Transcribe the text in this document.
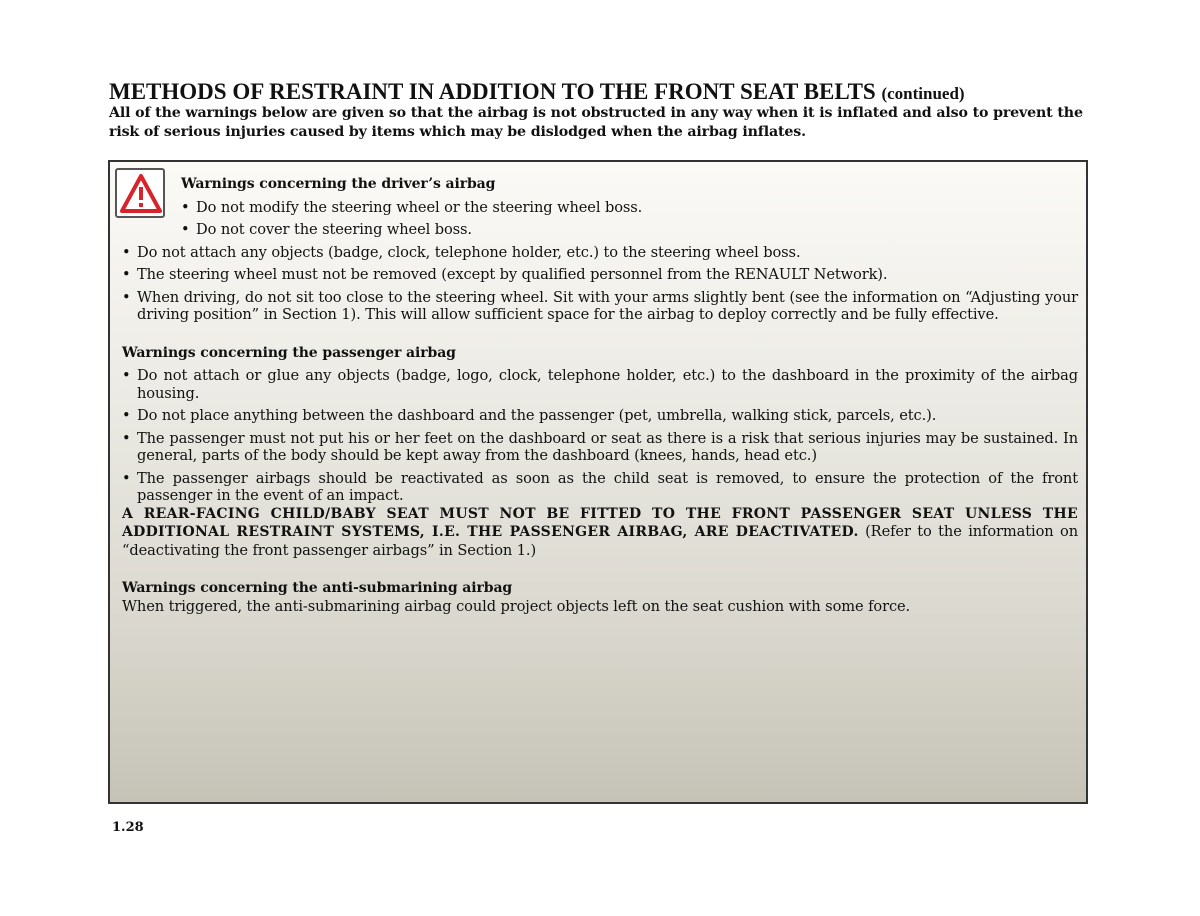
METHODS OF RESTRAINT IN ADDITION TO THE FRONT SEAT BELTS (continued)

All of the warnings below are given so that the airbag is not obstructed in any way when it is inflated and also to prevent the risk of serious injuries caused by items which may be dislodged when the airbag inflates.

Warnings concerning the driver’s airbag

• Do not modify the steering wheel or the steering wheel boss.

• Do not cover the steering wheel boss.

• Do not attach any objects (badge, clock, telephone holder, etc.) to the steering wheel boss.

• The steering wheel must not be removed (except by qualified personnel from the RENAULT Network).

• When driving, do not sit too close to the steering wheel. Sit with your arms slightly bent (see the information on “Adjusting your driving position” in Section 1). This will allow sufficient space for the airbag to deploy correctly and be fully effective.

Warnings concerning the passenger airbag

• Do not attach or glue any objects (badge, logo, clock, telephone holder, etc.) to the dashboard in the proximity of the airbag housing.

• Do not place anything between the dashboard and the passenger (pet, umbrella, walking stick, parcels, etc.).

• The passenger must not put his or her feet on the dashboard or seat as there is a risk that serious injuries may be sustained. In general, parts of the body should be kept away from the dashboard (knees, hands, head etc.)

• The passenger airbags should be reactivated as soon as the child seat is removed, to ensure the protection of the front passenger in the event of an impact.

A REAR-FACING CHILD/BABY SEAT MUST NOT BE FITTED TO THE FRONT PASSENGER SEAT UNLESS THE ADDITIONAL RESTRAINT SYSTEMS, I.E. THE PASSENGER AIRBAG, ARE DEACTIVATED. (Refer to the information on “deactivating the front passenger airbags” in Section 1.)

Warnings concerning the anti-submarining airbag

When triggered, the anti-submarining airbag could project objects left on the seat cushion with some force.

1.28
